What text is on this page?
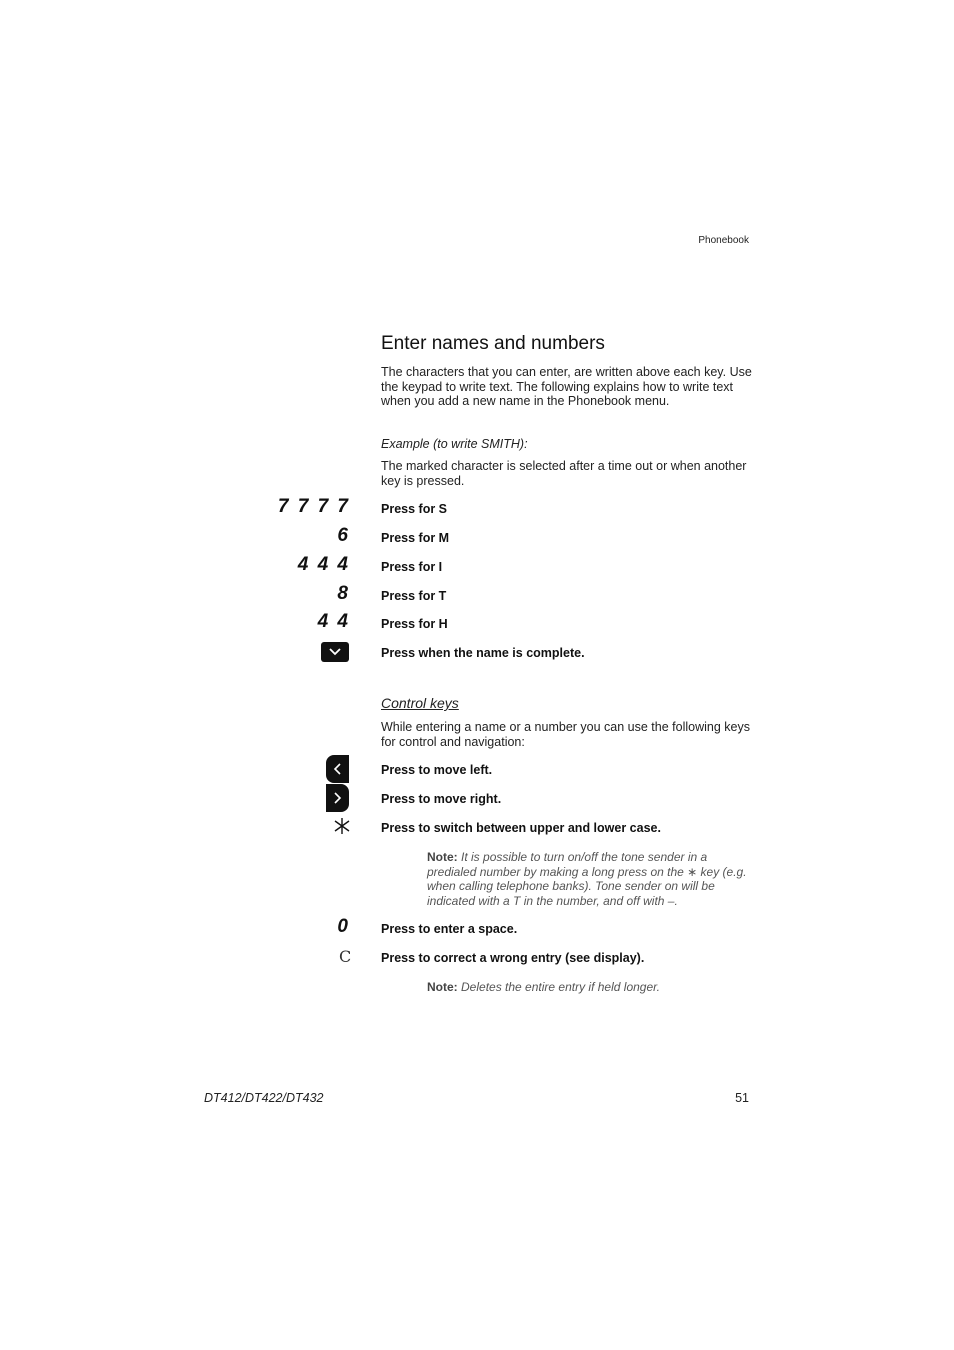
Phonebook
Enter names and numbers
The characters that you can enter, are written above each key. Use the keypad to write text. The following explains how to write text when you add a new name in the Phonebook menu.
Example (to write SMITH):
The marked character is selected after a time out or when another key is pressed.
7 7 7 7 Press for S
6 Press for M
4 4 4 Press for I
8 Press for T
4 4 Press for H
Press when the name is complete.
Control keys
While entering a name or a number you can use the following keys for control and navigation:
Press to move left.
Press to move right.
Press to switch between upper and lower case.
Note: It is possible to turn on/off the tone sender in a predialed number by making a long press on the ∗ key (e.g. when calling telephone banks). Tone sender on will be indicated with a T in the number, and off with –.
0 Press to enter a space.
C Press to correct a wrong entry (see display).
Note: Deletes the entire entry if held longer.
DT412/DT422/DT432	51
